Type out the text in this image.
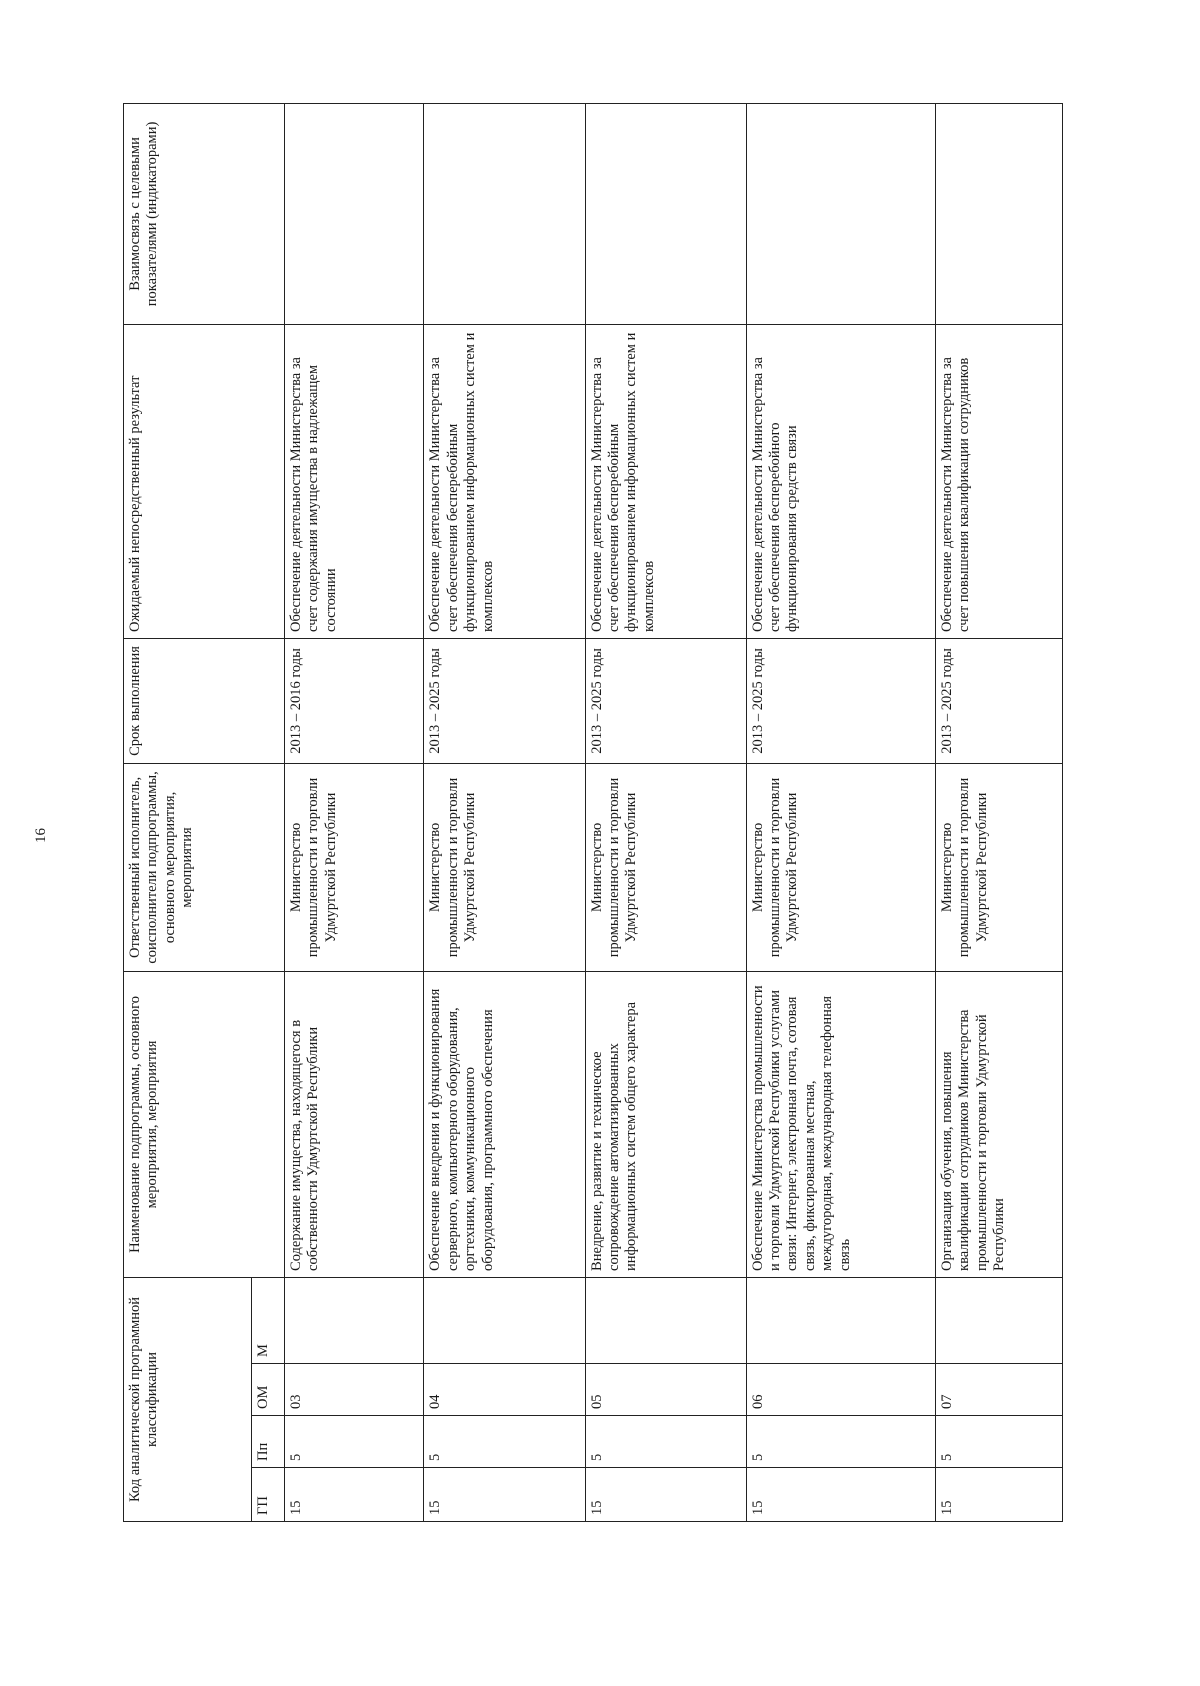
16
Код аналитической программной классификации				Наименование подпрограммы, основного мероприятия, мероприятия	Ответственный исполнитель, соисполнители подпрограммы, основного мероприятия, мероприятия	Срок выполнения	Ожидаемый непосредственный результат	Взаимосвязь с целевыми показателями (индикаторами)
ГП	Пп	ОМ	М					
15	5	03		Содержание имущества, находящегося в собственности Удмуртской Республики	Министерство промышленности и торговли Удмуртской Республики	2013 – 2016 годы	Обеспечение деятельности Министерства за счет содержания имущества в надлежащем состоянии	
15	5	04		Обеспечение внедрения и функционирования серверного, компьютерного оборудования, оргтехники, коммуникационного оборудования, программного обеспечения	Министерство промышленности и торговли Удмуртской Республики	2013 – 2025 годы	Обеспечение деятельности Министерства за счет обеспечения бесперебойным функционированием информационных систем и комплексов	
15	5	05		Внедрение, развитие и техническое сопровождение автоматизированных информационных систем общего характера	Министерство промышленности и торговли Удмуртской Республики	2013 – 2025 годы	Обеспечение деятельности Министерства за счет обеспечения бесперебойным функционированием информационных систем и комплексов	
15	5	06		Обеспечение Министерства промышленности и торговли Удмуртской Республики услугами связи: Интернет, электронная почта, сотовая связь, фиксированная местная, междугородная, международная телефонная связь	Министерство промышленности и торговли Удмуртской Республики	2013 – 2025 годы	Обеспечение деятельности Министерства за счет обеспечения бесперебойного функционирования средств связи	
15	5	07		Организация обучения, повышения квалификации сотрудников Министерства промышленности и торговли Удмуртской Республики	Министерство промышленности и торговли Удмуртской Республики	2013 – 2025 годы	Обеспечение деятельности Министерства за счет повышения квалификации сотрудников	
